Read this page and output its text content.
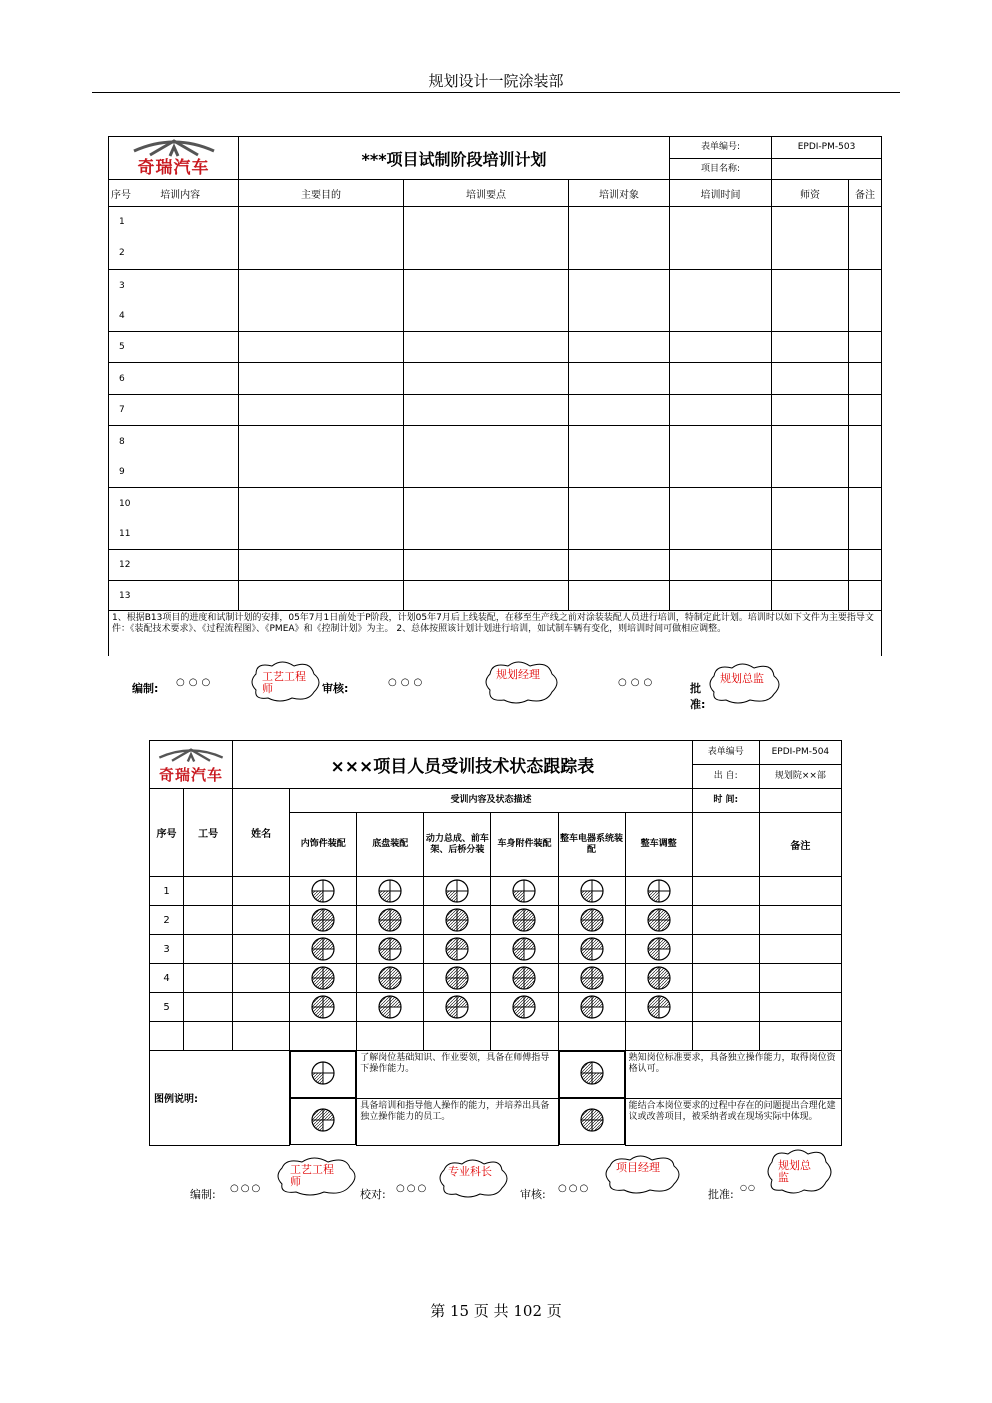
规划设计一院涂装部
奇瑞汽车	***项目试制阶段培训计划			表单编号:	EPDI-PM-503	
				项目名称:		
序号 培训内容	主要目的	培训要点	培训对象	培训时间	师资	备注
1
2						
3
4						
5						
6						
7						
8
9						
10
11						
12						
13						
1、根据B13项目的进度和试制计划的安排，05年7月1日前处于P阶段，计划05年7月后上线装配，在移至生产线之前对涂装装配人员进行培训，特制定此计划。培训时以如下文件为主要指导文件：《装配技术要求》、《过程流程图》、《PMEA》和《控制计划》为主。 2、总体按照该计划计划进行培训，如试制车辆有变化，则培训时间可做相应调整。						
编制: ○○○	工艺工程师	审核:	○○○
规划经理
○○○	批准:
规划总监
奇瑞汽车		×××项目人员受训技术状态跟踪表							表单编号	EPDI-PM-504
									出 自:	规划院××部
序号	工号	姓名	受训内容及状态描述						时 间:	
			内饰件装配	底盘装配	动力总成、前车架、后桥分装	车身附件装配	整车电器系统装配	整车调整		备注
1			

2			

3			

4			

5			

图例说明:			了解岗位基础知识、作业要领，具备在师傅指导下操作能力。			熟知岗位标准要求，具备独立操作能力，取得岗位资格认可。		

具备培训和指导他人操作的能力，并培养出具备独立操作能力的员工。			能结合本岗位要求的过程中存在的问题提出合理化建议或改善项目，被采纳者或在现场实际中体现。		
编制: ○○○
工艺工程师
校对: ○○○
专业科长
审核: ○○○
项目经理
批准:
○○
规划总监
第 15 页 共 102 页
